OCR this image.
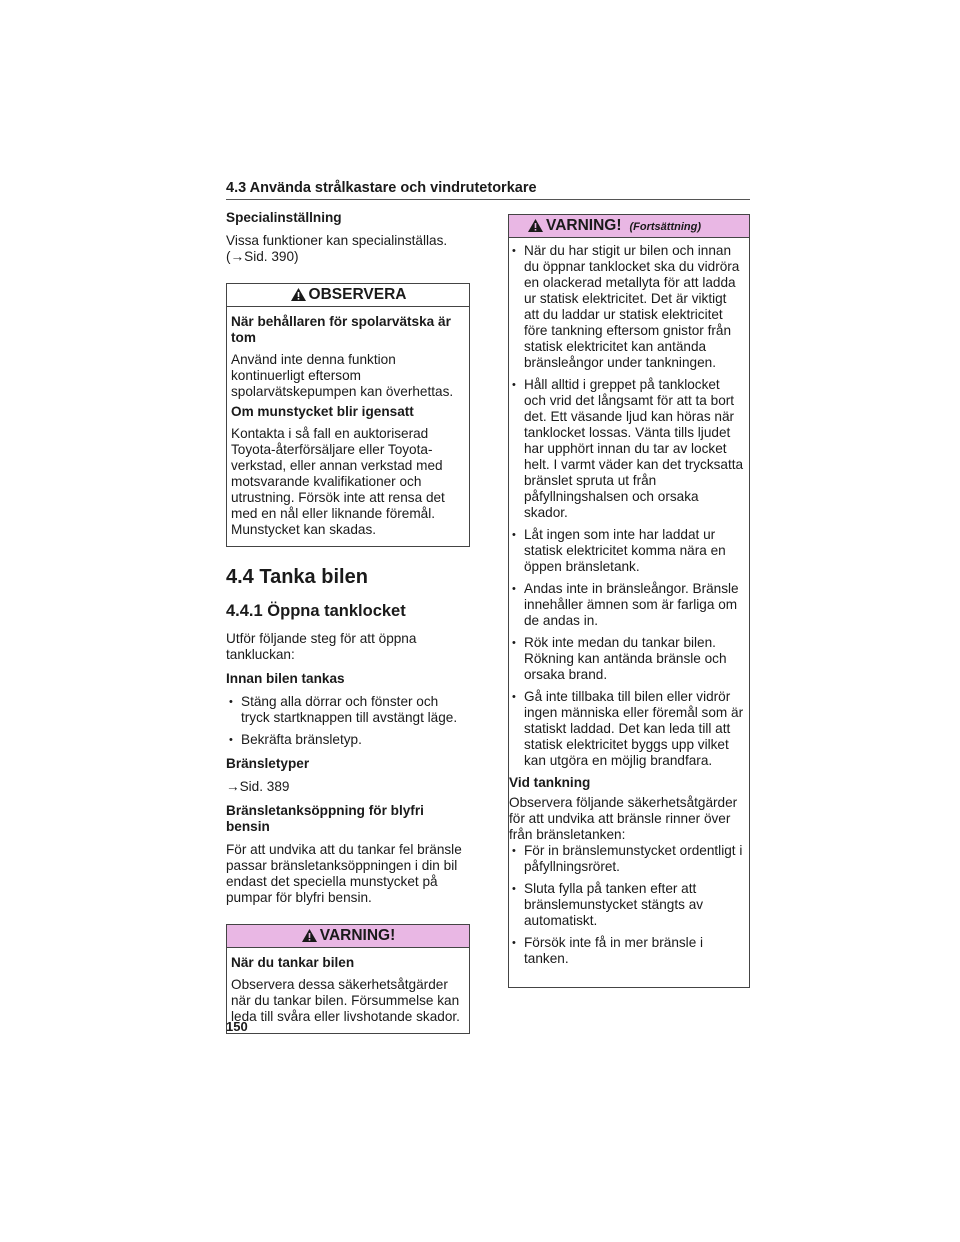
4.3 Använda strålkastare och vindrutetorkare

Specialinställning

Vissa funktioner kan specialinställas. (→Sid. 390)

OBSERVERA

När behållaren för spolarvätska är tom

Använd inte denna funktion kontinuerligt eftersom spolarvätskepumpen kan överhettas.

Om munstycket blir igensatt

Kontakta i så fall en auktoriserad Toyota-återförsäljare eller Toyota-verkstad, eller annan verkstad med motsvarande kvalifikationer och utrustning. Försök inte att rensa det med en nål eller liknande föremål. Munstycket kan skadas.

4.4 Tanka bilen
4.4.1 Öppna tanklocket

Utför följande steg för att öppna tankluckan:

Innan bilen tankas

• Stäng alla dörrar och fönster och tryck startknappen till avstängt läge.
• Bekräfta bränsletyp.

Bränsletyper

→Sid. 389

Bränsletanksöppning för blyfri bensin

För att undvika att du tankar fel bränsle passar bränsletanksöppningen i din bil endast det speciella munstycket på pumpar för blyfri bensin.

VARNING!

När du tankar bilen

Observera dessa säkerhetsåtgärder när du tankar bilen. Försummelse kan leda till svåra eller livshotande skador.

VARNING! (Fortsättning)
• När du har stigit ur bilen och innan du öppnar tanklocket ska du vidröra en olackerad metallyta för att ladda ur statisk elektricitet. Det är viktigt att du laddar ur statisk elektricitet före tankning eftersom gnistor från statisk elektricitet kan antända bränsleångor under tankningen.
• Håll alltid i greppet på tanklocket och vrid det långsamt för att ta bort det. Ett väsande ljud kan höras när tanklocket lossas. Vänta tills ljudet har upphört innan du tar av locket helt. I varmt väder kan det trycksatta bränslet spruta ut från påfyllningshalsen och orsaka skador.
• Låt ingen som inte har laddat ur statisk elektricitet komma nära en öppen bränsletank.
• Andas inte in bränsleångor. Bränsle innehåller ämnen som är farliga om de andas in.
• Rök inte medan du tankar bilen. Rökning kan antända bränsle och orsaka brand.
• Gå inte tillbaka till bilen eller vidrör ingen människa eller föremål som är statiskt laddad. Det kan leda till att statisk elektricitet byggs upp vilket kan utgöra en möjlig brandfara.

Vid tankning

Observera följande säkerhetsåtgärder för att undvika att bränsle rinner över från bränsletanken:

• För in bränslemunstycket ordentligt i påfyllningsröret.
• Sluta fylla på tanken efter att bränslemunstycket stängts av automatiskt.
• Försök inte få in mer bränsle i tanken.
150
